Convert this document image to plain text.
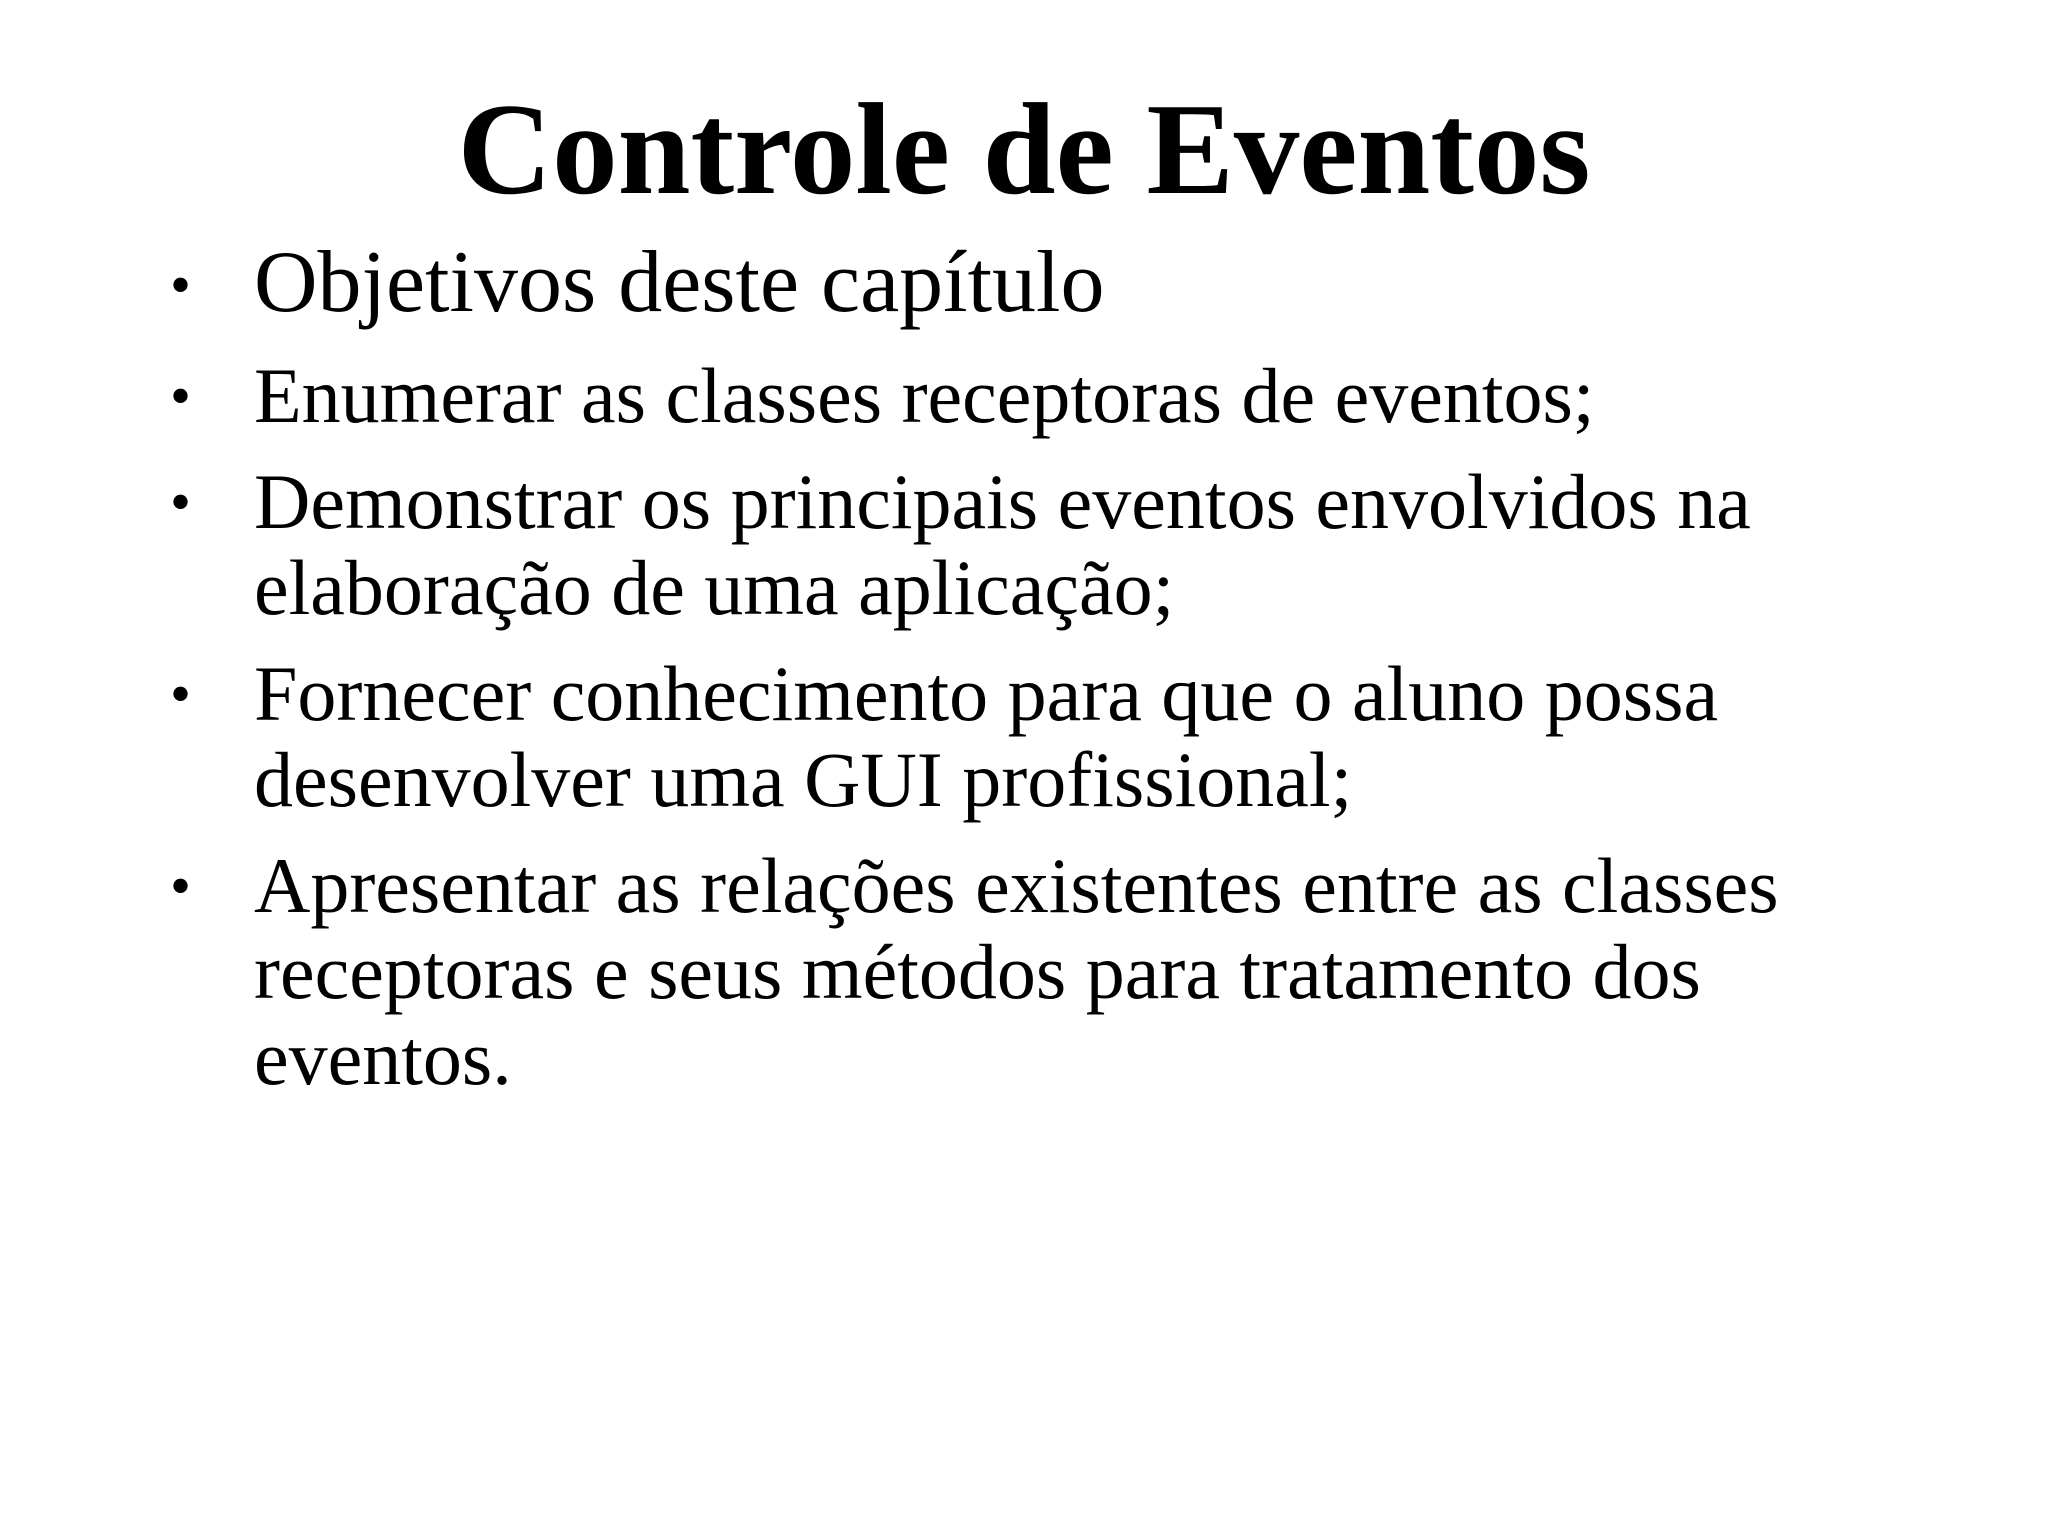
Controle de Eventos
• Objetivos deste capítulo
• Enumerar as classes receptoras de eventos;
• Demonstrar os principais eventos envolvidos na elaboração de uma aplicação;
• Fornecer conhecimento para que o aluno possa desenvolver uma GUI profissional;
• Apresentar as relações existentes entre as classes receptoras e seus métodos para tratamento dos eventos.
